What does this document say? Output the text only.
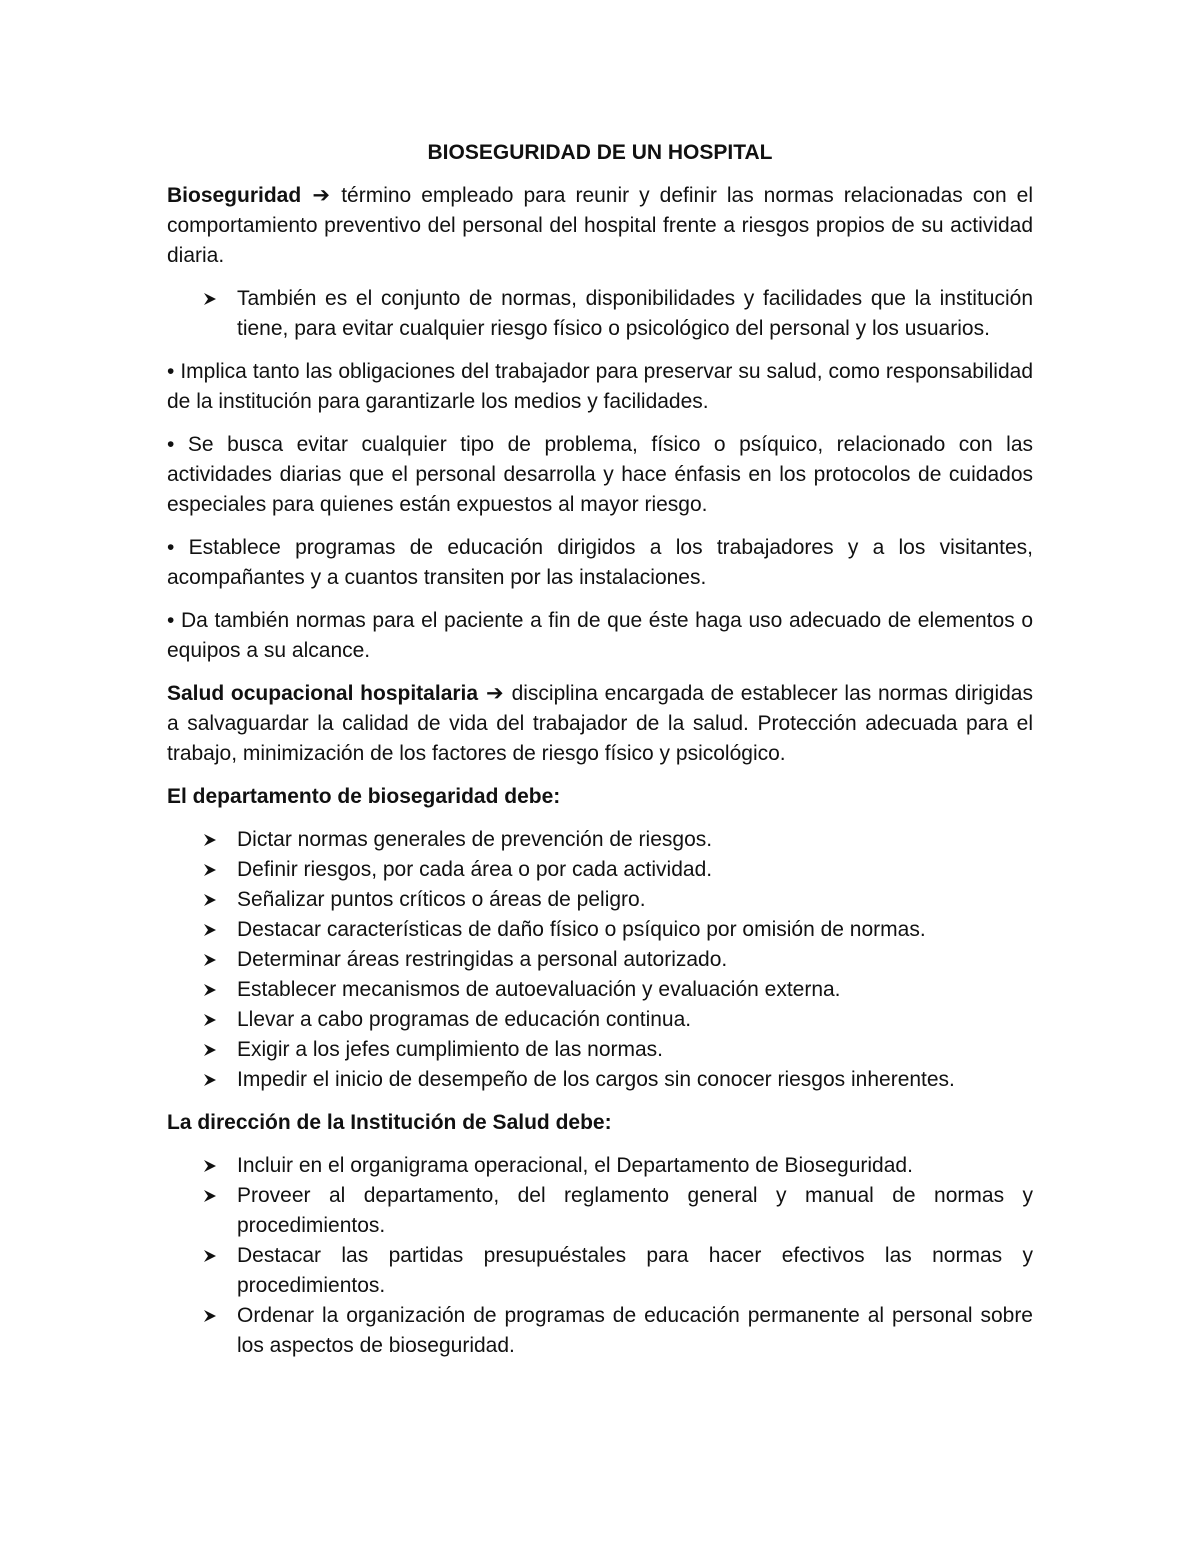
BIOSEGURIDAD DE UN HOSPITAL
Bioseguridad ➔ término empleado para reunir y definir las normas relacionadas con el comportamiento preventivo del personal del hospital frente a riesgos propios de su actividad diaria.
También es el conjunto de normas, disponibilidades y facilidades que la institución tiene, para evitar cualquier riesgo físico o psicológico del personal y los usuarios.
• Implica tanto las obligaciones del trabajador para preservar su salud, como responsabilidad de la institución para garantizarle los medios y facilidades.
• Se busca evitar cualquier tipo de problema, físico o psíquico, relacionado con las actividades diarias que el personal desarrolla y hace énfasis en los protocolos de cuidados especiales para quienes están expuestos al mayor riesgo.
• Establece programas de educación dirigidos a los trabajadores y a los visitantes, acompañantes y a cuantos transiten por las instalaciones.
• Da también normas para el paciente a fin de que éste haga uso adecuado de elementos o equipos a su alcance.
Salud ocupacional hospitalaria ➔ disciplina encargada de establecer las normas dirigidas a salvaguardar la calidad de vida del trabajador de la salud. Protección adecuada para el trabajo, minimización de los factores de riesgo físico y psicológico.
El departamento de biosegaridad debe:
Dictar normas generales de prevención de riesgos.
Definir riesgos, por cada área o por cada actividad.
Señalizar puntos críticos o áreas de peligro.
Destacar características de daño físico o psíquico por omisión de normas.
Determinar áreas restringidas a personal autorizado.
Establecer mecanismos de autoevaluación y evaluación externa.
Llevar a cabo programas de educación continua.
Exigir a los jefes cumplimiento de las normas.
Impedir el inicio de desempeño de los cargos sin conocer riesgos inherentes.
La dirección de la Institución de Salud debe:
Incluir en el organigrama operacional, el Departamento de Bioseguridad.
Proveer al departamento, del reglamento general y manual de normas y procedimientos.
Destacar las partidas presupuéstales para hacer efectivos las normas y procedimientos.
Ordenar la organización de programas de educación permanente al personal sobre los aspectos de bioseguridad.
